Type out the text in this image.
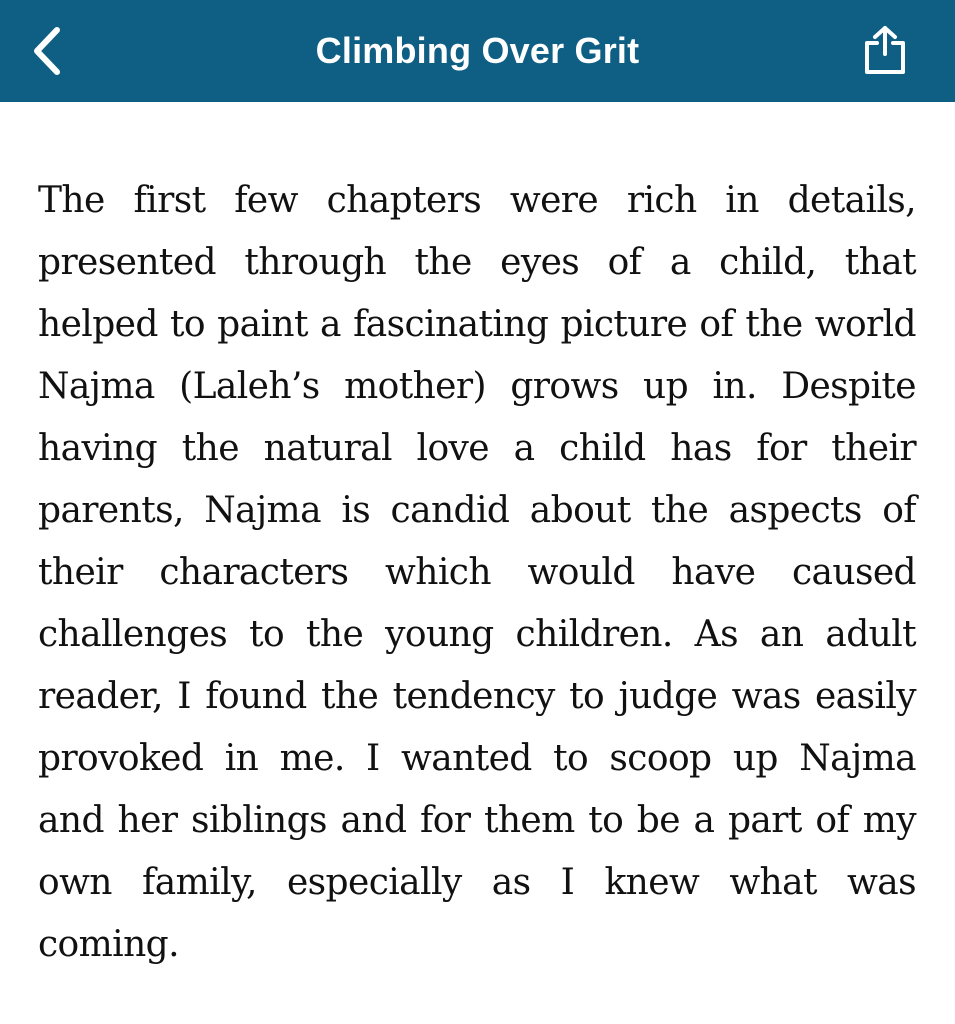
Climbing Over Grit

The first few chapters were rich in details, presented through the eyes of a child, that helped to paint a fascinating picture of the world Najma (Laleh’s mother) grows up in. Despite having the natural love a child has for their parents, Najma is candid about the aspects of their characters which would have caused challenges to the young children. As an adult reader, I found the tendency to judge was easily provoked in me. I wanted to scoop up Najma and her siblings and for them to be a part of my own family, especially as I knew what was coming.
